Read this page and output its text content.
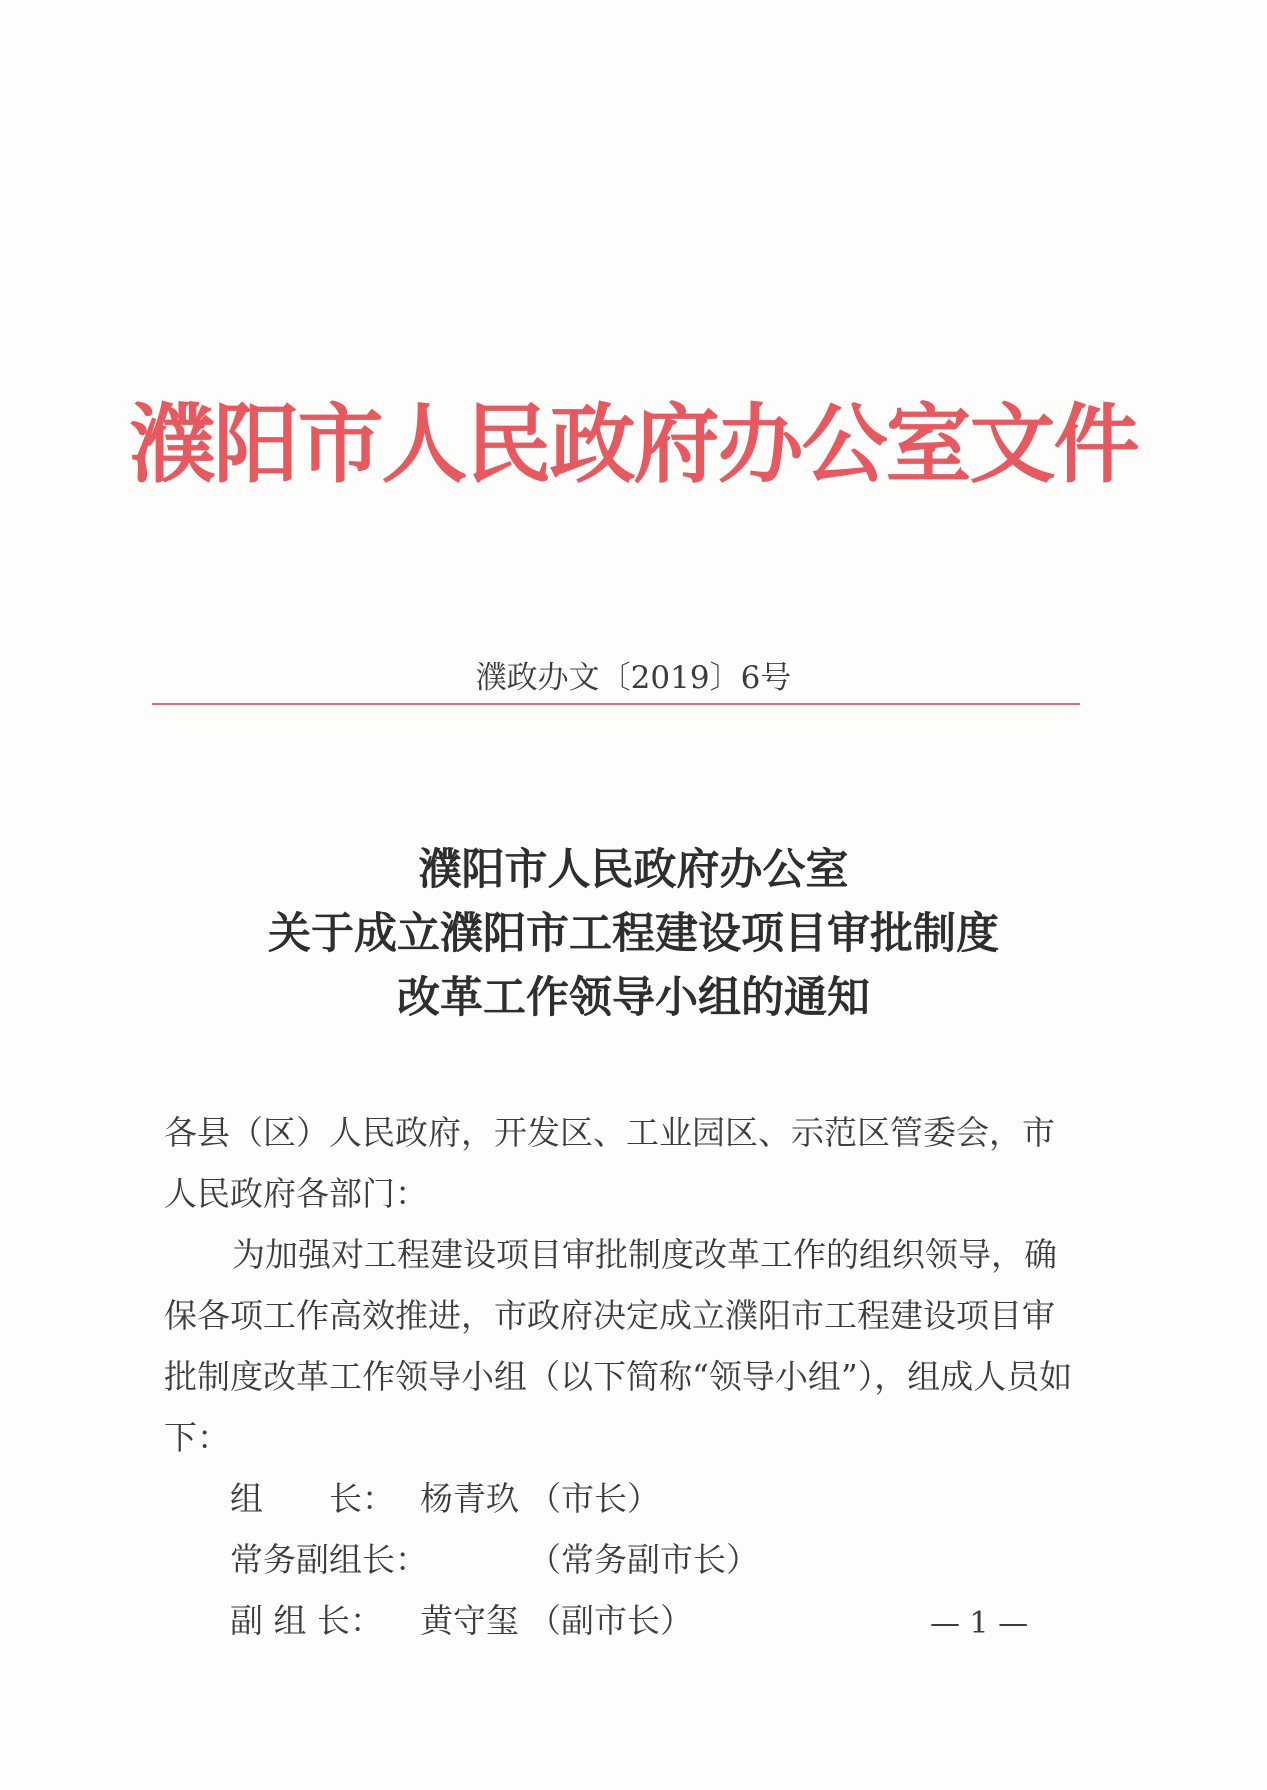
濮阳市人民政府办公室文件
濮政办文〔2019〕6号
濮阳市人民政府办公室
关于成立濮阳市工程建设项目审批制度
改革工作领导小组的通知

各县（区）人民政府，开发区、工业园区、示范区管委会，市人民政府各部门：

为加强对工程建设项目审批制度改革工作的组织领导，确保各项工作高效推进，市政府决定成立濮阳市工程建设项目审批制度改革工作领导小组（以下简称“领导小组”），组成人员如下：

组　　长： 杨青玖 （市长）
常务副组长：	（常务副市长）
副 组 长： 黄守玺 （副市长）	— 1 —
